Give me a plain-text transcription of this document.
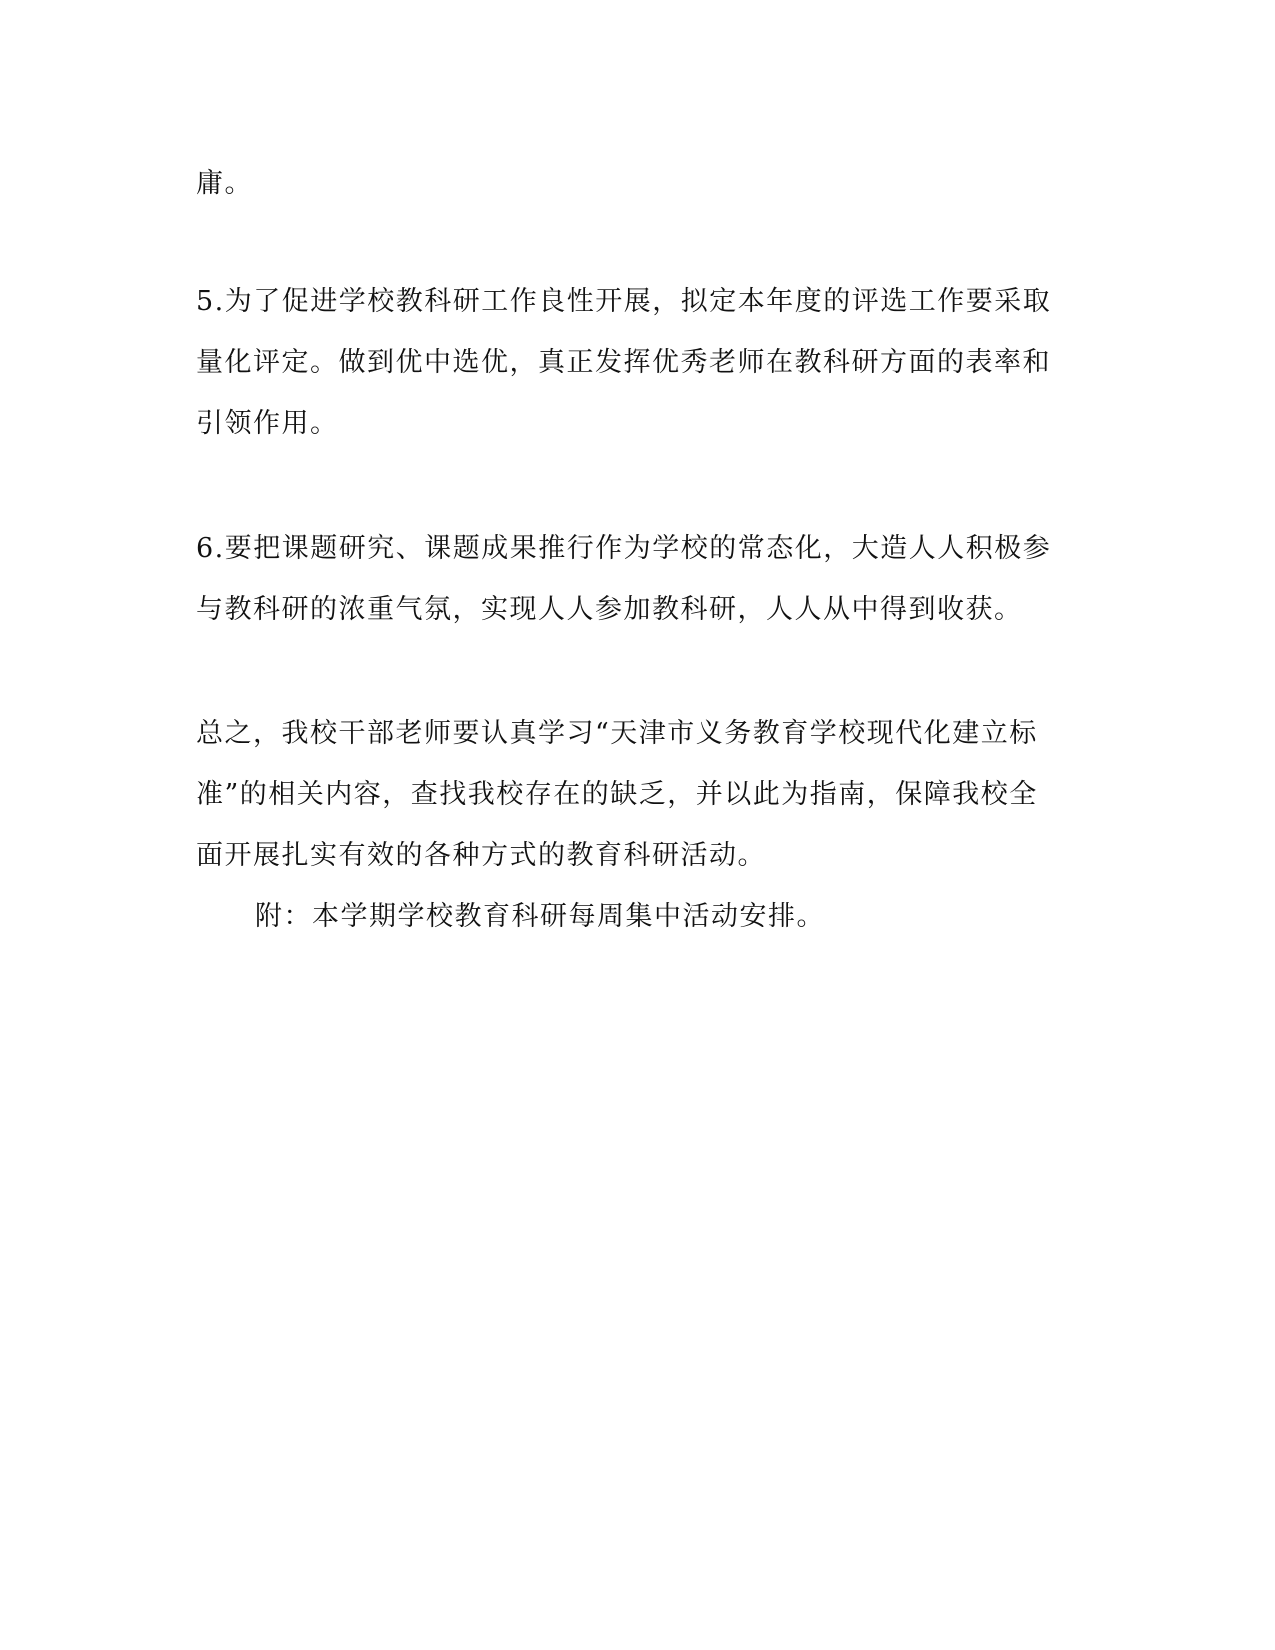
庸。
5.为了促进学校教科研工作良性开展，拟定本年度的评选工作要采取
量化评定。做到优中选优，真正发挥优秀老师在教科研方面的表率和
引领作用。
6.要把课题研究、课题成果推行作为学校的常态化，大造人人积极参
与教科研的浓重气氛，实现人人参加教科研，人人从中得到收获。
总之，我校干部老师要认真学习“天津市义务教育学校现代化建立标
准”的相关内容，查找我校存在的缺乏，并以此为指南，保障我校全
面开展扎实有效的各种方式的教育科研活动。
附：本学期学校教育科研每周集中活动安排。
